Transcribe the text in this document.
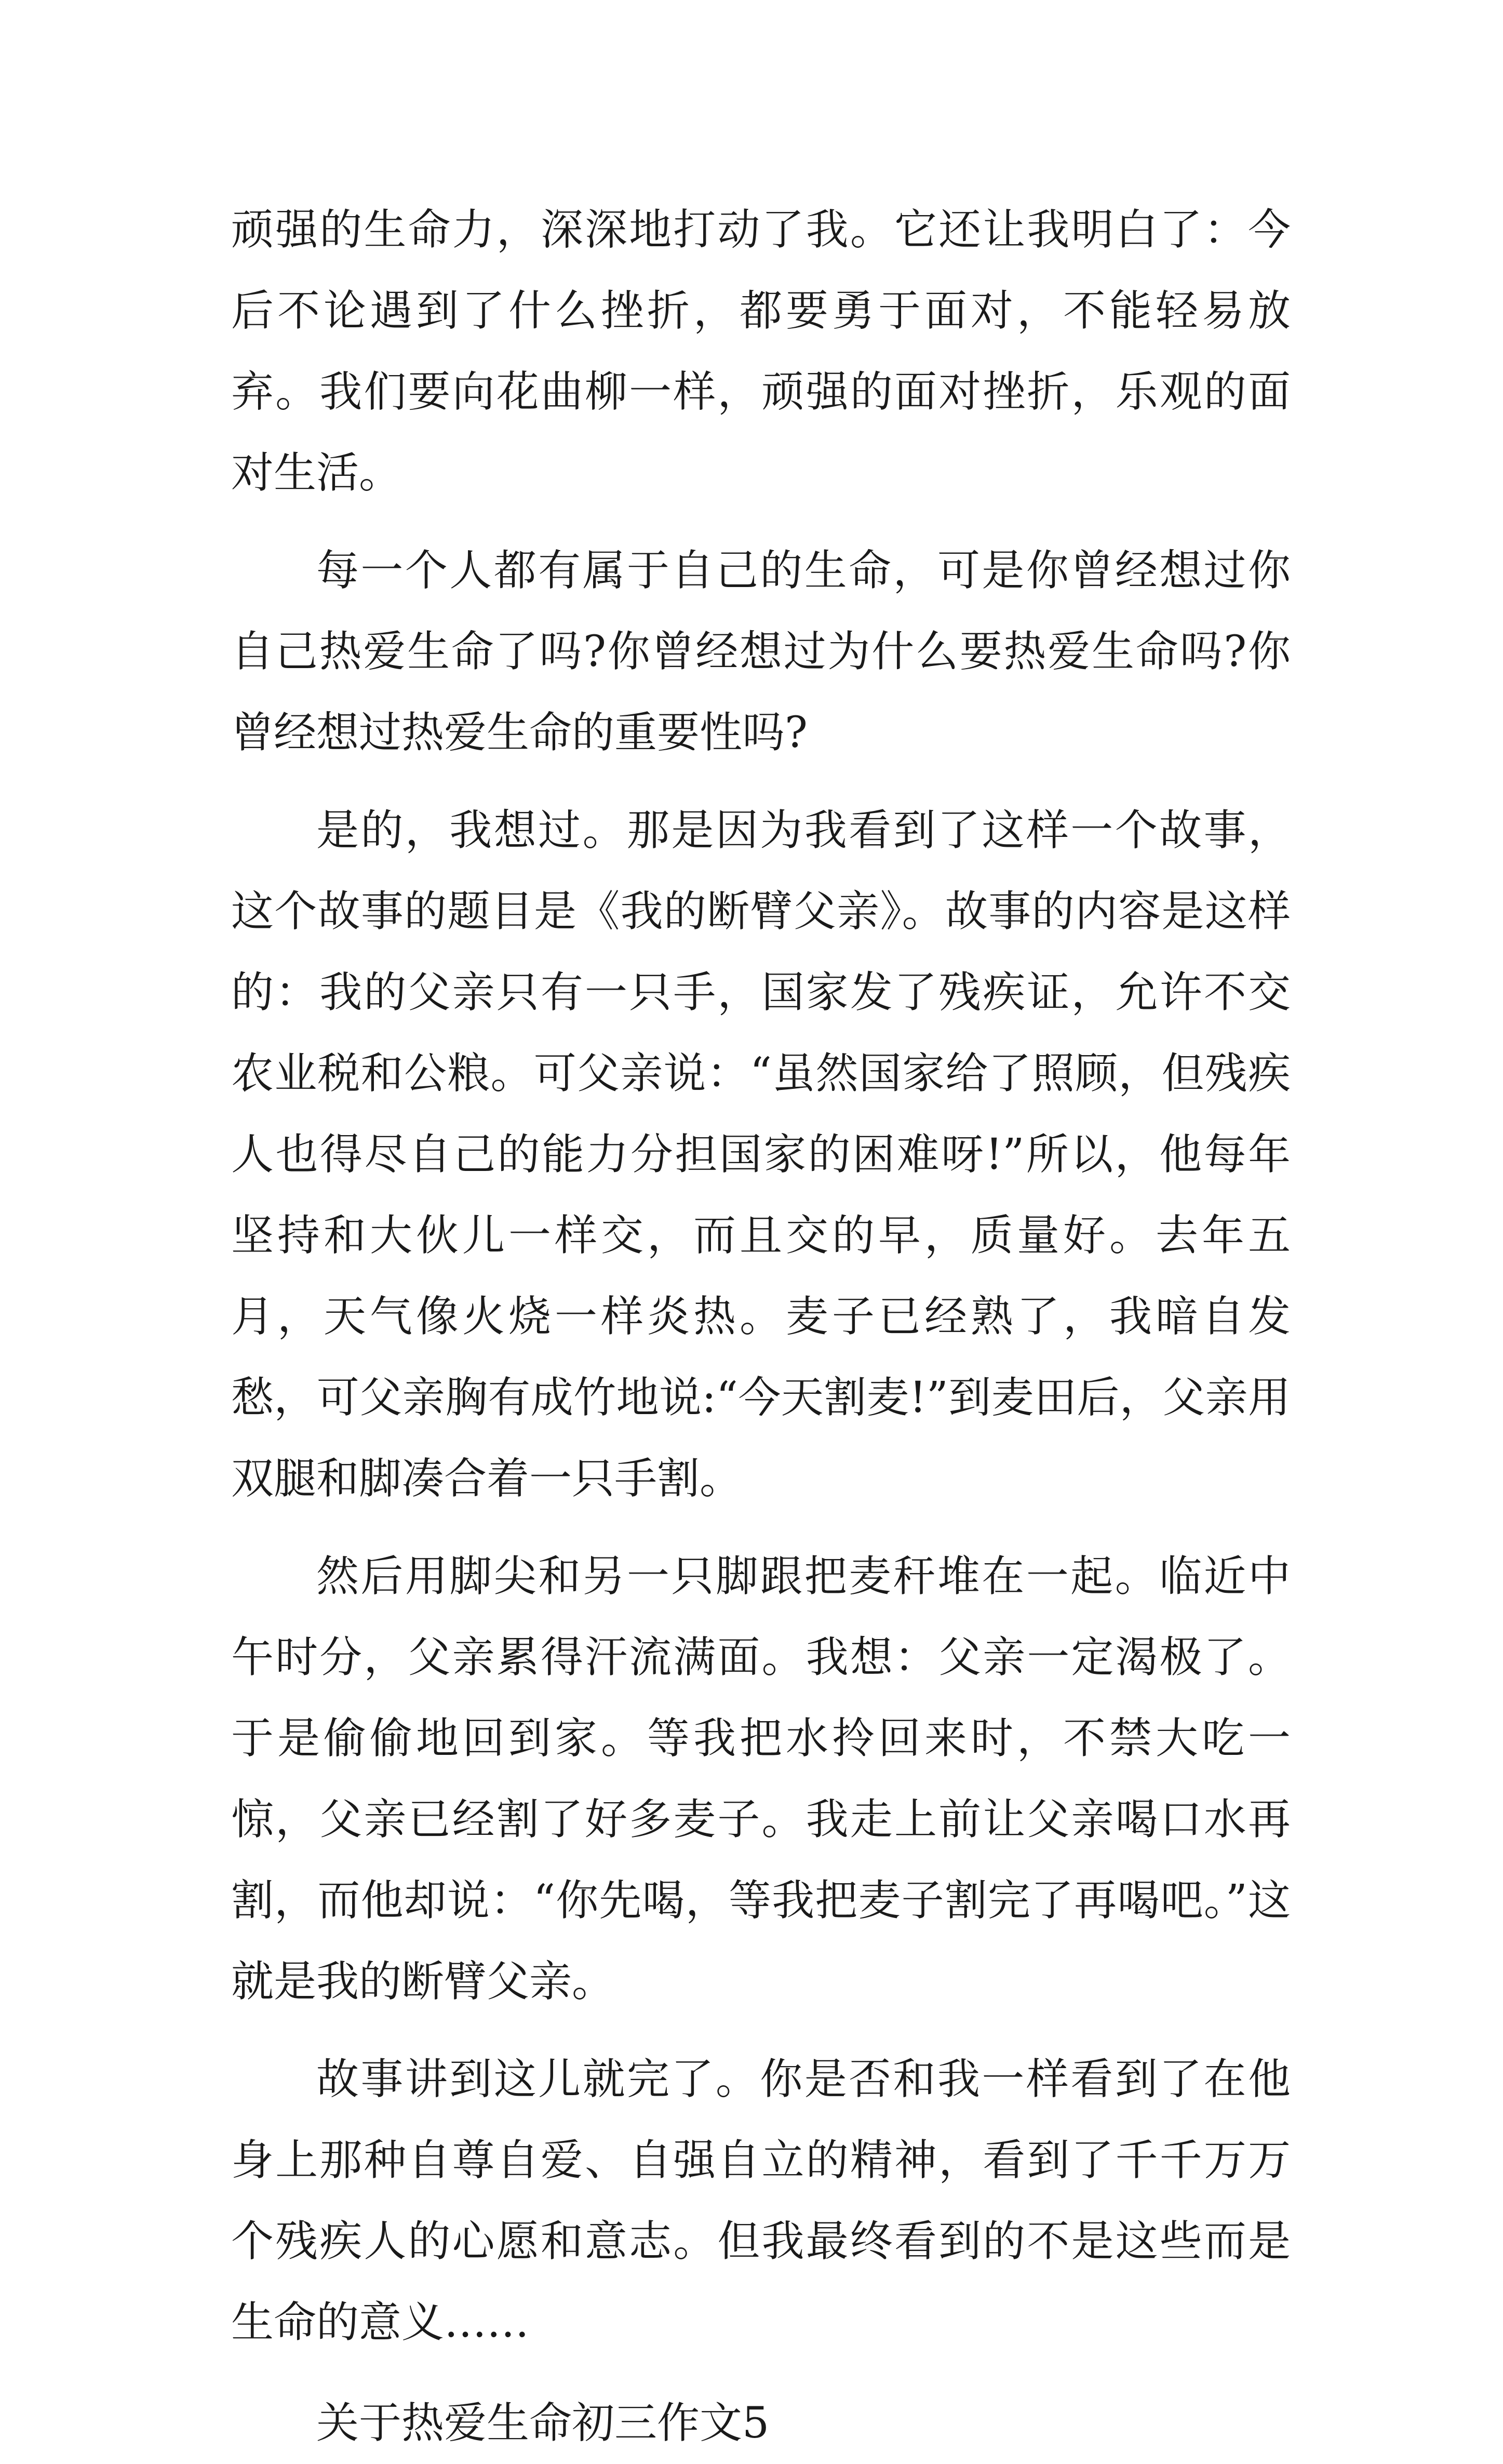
顽强的生命力，深深地打动了我。它还让我明白了：今后不论遇到了什么挫折，都要勇于面对，不能轻易放弃。我们要向花曲柳一样，顽强的面对挫折，乐观的面对生活。

每一个人都有属于自己的生命，可是你曾经想过你自己热爱生命了吗?你曾经想过为什么要热爱生命吗?你曾经想过热爱生命的重要性吗?

是的，我想过。那是因为我看到了这样一个故事，这个故事的题目是《我的断臂父亲》。故事的内容是这样的：我的父亲只有一只手，国家发了残疾证，允许不交农业税和公粮。可父亲说：“虽然国家给了照顾，但残疾人也得尽自己的能力分担国家的困难呀!”所以，他每年坚持和大伙儿一样交，而且交的早，质量好。去年五月，天气像火烧一样炎热。麦子已经熟了，我暗自发愁，可父亲胸有成竹地说:“今天割麦!”到麦田后，父亲用双腿和脚凑合着一只手割。

然后用脚尖和另一只脚跟把麦秆堆在一起。临近中午时分，父亲累得汗流满面。我想：父亲一定渴极了。于是偷偷地回到家。等我把水拎回来时，不禁大吃一惊，父亲已经割了好多麦子。我走上前让父亲喝口水再割，而他却说：“你先喝，等我把麦子割完了再喝吧。”这就是我的断臂父亲。

故事讲到这儿就完了。你是否和我一样看到了在他身上那种自尊自爱、自强自立的精神，看到了千千万万个残疾人的心愿和意志。但我最终看到的不是这些而是生命的意义……

关于热爱生命初三作文5
